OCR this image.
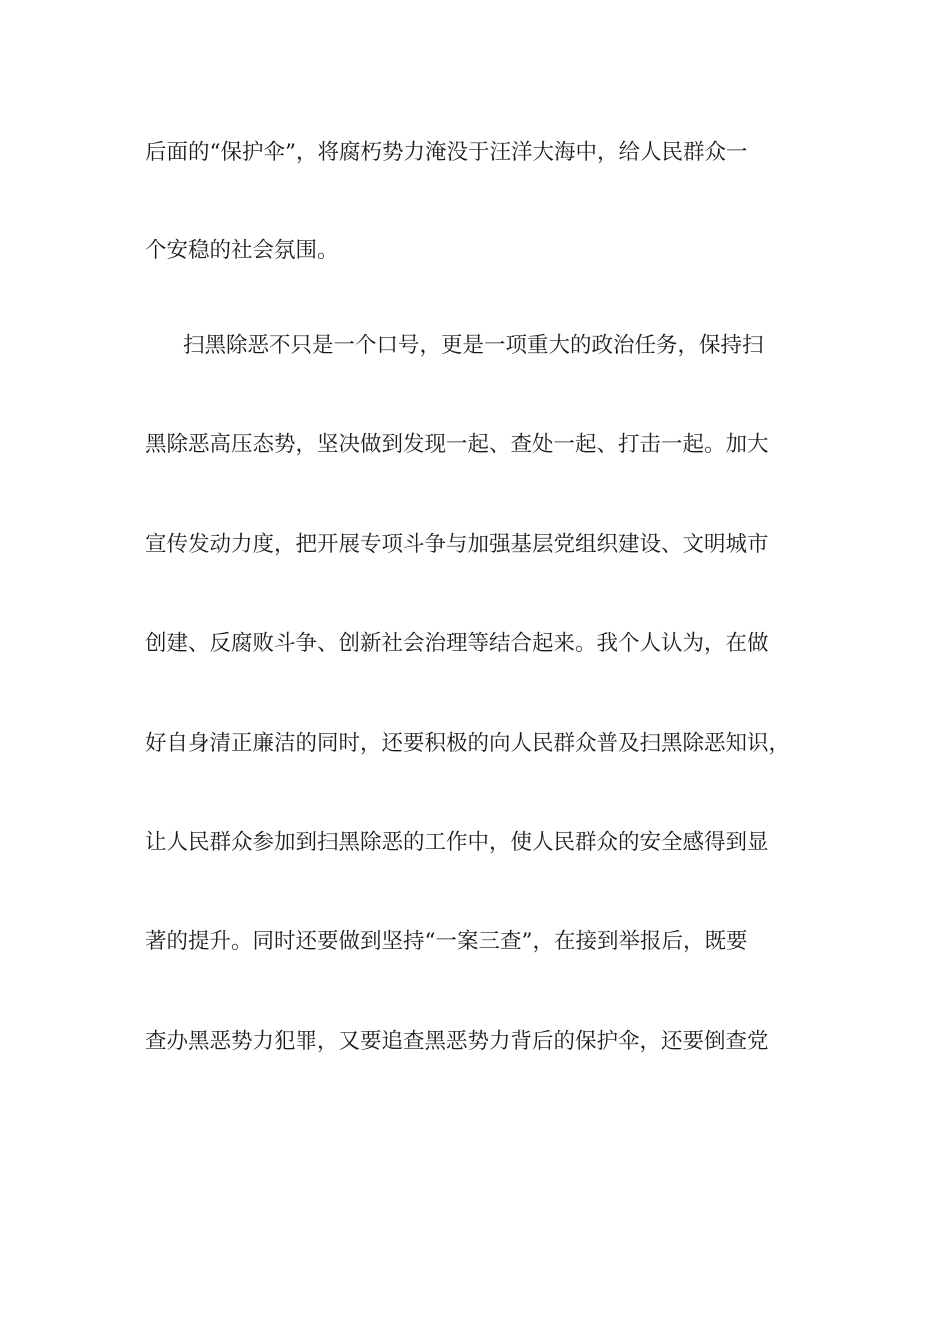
后面的“保护伞”，将腐朽势力淹没于汪洋大海中，给人民群众一
个安稳的社会氛围。
扫黑除恶不只是一个口号，更是一项重大的政治任务，保持扫
黑除恶高压态势，坚决做到发现一起、查处一起、打击一起。加大
宣传发动力度，把开展专项斗争与加强基层党组织建设、文明城市
创建、反腐败斗争、创新社会治理等结合起来。我个人认为，在做
好自身清正廉洁的同时，还要积极的向人民群众普及扫黑除恶知识，
让人民群众参加到扫黑除恶的工作中，使人民群众的安全感得到显
著的提升。同时还要做到坚持“一案三查”，在接到举报后，既要
查办黑恶势力犯罪，又要追查黑恶势力背后的保护伞，还要倒查党
